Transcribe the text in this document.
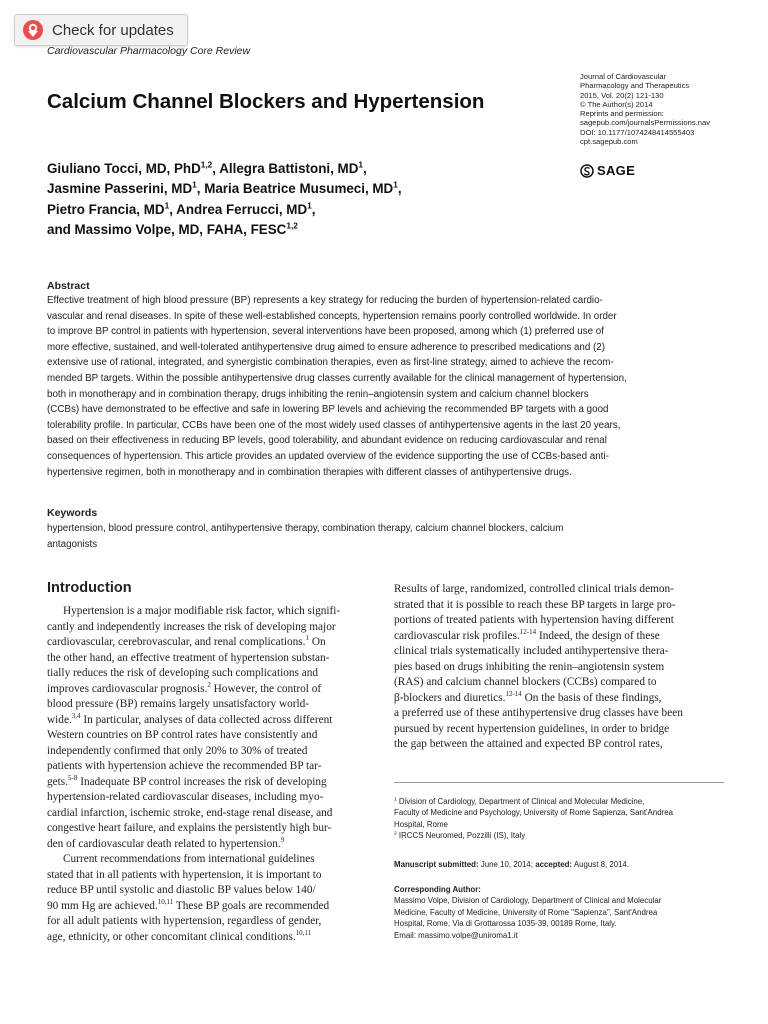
Check for updates
Cardiovascular Pharmacology Core Review
Calcium Channel Blockers and Hypertension
Journal of Cardiovascular
Pharmacology and Therapeutics
2015, Vol. 20(2) 121-130
© The Author(s) 2014
Reprints and permission:
sagepub.com/journalsPermissions.nav
DOI: 10.1177/1074248414555403
cpt.sagepub.com
SAGE
Giuliano Tocci, MD, PhD$^{1,2}$, Allegra Battistoni, $MD^1$,
Jasmine Passerini, $MD^1$, Maria Beatrice Musumeci, $MD^1$,
Pietro Francia, $MD^1$, Andrea Ferrucci, $MD^1$,
and Massimo Volpe, MD, FAHA, FESC$^{1,2}$
Abstract
Effective treatment of high blood pressure (BP) represents a key strategy for reducing the burden of hypertension-related cardio-
vascular and renal diseases. In spite of these well-established concepts, hypertension remains poorly controlled worldwide. In order
to improve BP control in patients with hypertension, several interventions have been proposed, among which (1) preferred use of
more effective, sustained, and well-tolerated antihypertensive drug aimed to ensure adherence to prescribed medications and (2)
extensive use of rational, integrated, and synergistic combination therapies, even as first-line strategy, aimed to achieve the recom-
mended BP targets. Within the possible antihypertensive drug classes currently available for the clinical management of hypertension,
both in monotherapy and in combination therapy, drugs inhibiting the renin–angiotensin system and calcium channel blockers
(CCBs) have demonstrated to be effective and safe in lowering BP levels and achieving the recommended BP targets with a good
tolerability profile. In particular, CCBs have been one of the most widely used classes of antihypertensive agents in the last 20 years,
based on their effectiveness in reducing BP levels, good tolerability, and abundant evidence on reducing cardiovascular and renal
consequences of hypertension. This article provides an updated overview of the evidence supporting the use of CCBs-based anti-
hypertensive regimen, both in monotherapy and in combination therapies with different classes of antihypertensive drugs.
Keywords
hypertension, blood pressure control, antihypertensive therapy, combination therapy, calcium channel blockers, calcium
antagonists
Introduction
Hypertension is a major modifiable risk factor, which signifi-
cantly and independently increases the risk of developing major
cardiovascular, cerebrovascular, and renal complications.$^1$ On
the other hand, an effective treatment of hypertension substan-
tially reduces the risk of developing such complications and
improves cardiovascular prognosis.$^2$ However, the control of
blood pressure (BP) remains largely unsatisfactory world-
wide.$^{3,4}$ In particular, analyses of data collected across different
Western countries on BP control rates have consistently and
independently confirmed that only 20% to 30% of treated
patients with hypertension achieve the recommended BP tar-
gets.$^{5-8}$ Inadequate BP control increases the risk of developing
hypertension-related cardiovascular diseases, including myo-
cardial infarction, ischemic stroke, end-stage renal disease, and
congestive heart failure, and explains the persistently high bur-
den of cardiovascular death related to hypertension.$^9$
Current recommendations from international guidelines
stated that in all patients with hypertension, it is important to
reduce BP until systolic and diastolic BP values below 140/
90 mm Hg are achieved.$^{10,11}$ These BP goals are recommended
for all adult patients with hypertension, regardless of gender,
age, ethnicity, or other concomitant clinical conditions.$^{10,11}$
Results of large, randomized, controlled clinical trials demon-
strated that it is possible to reach these BP targets in large pro-
portions of treated patients with hypertension having different
cardiovascular risk profiles.$^{12-14}$ Indeed, the design of these
clinical trials systematically included antihypertensive thera-
pies based on drugs inhibiting the renin–angiotensin system
(RAS) and calcium channel blockers (CCBs) compared to
β-blockers and diuretics.$^{12-14}$ On the basis of these findings,
a preferred use of these antihypertensive drug classes have been
pursued by recent hypertension guidelines, in order to bridge
the gap between the attained and expected BP control rates,
$^1$ Division of Cardiology, Department of Clinical and Molecular Medicine,
Faculty of Medicine and Psychology, University of Rome Sapienza, Sant'Andrea
Hospital, Rome
$^2$ IRCCS Neuromed, Pozzilli (IS), Italy
Manuscript submitted: June 10, 2014; accepted: August 8, 2014.
Corresponding Author:
Massimo Volpe, Division of Cardiology, Department of Clinical and Molecular
Medicine, Faculty of Medicine, University of Rome "Sapienza", Sant'Andrea
Hospital, Rome, Via di Grottarossa 1035-39, 00189 Rome, Italy.
Email: massimo.volpe@uniroma1.it
